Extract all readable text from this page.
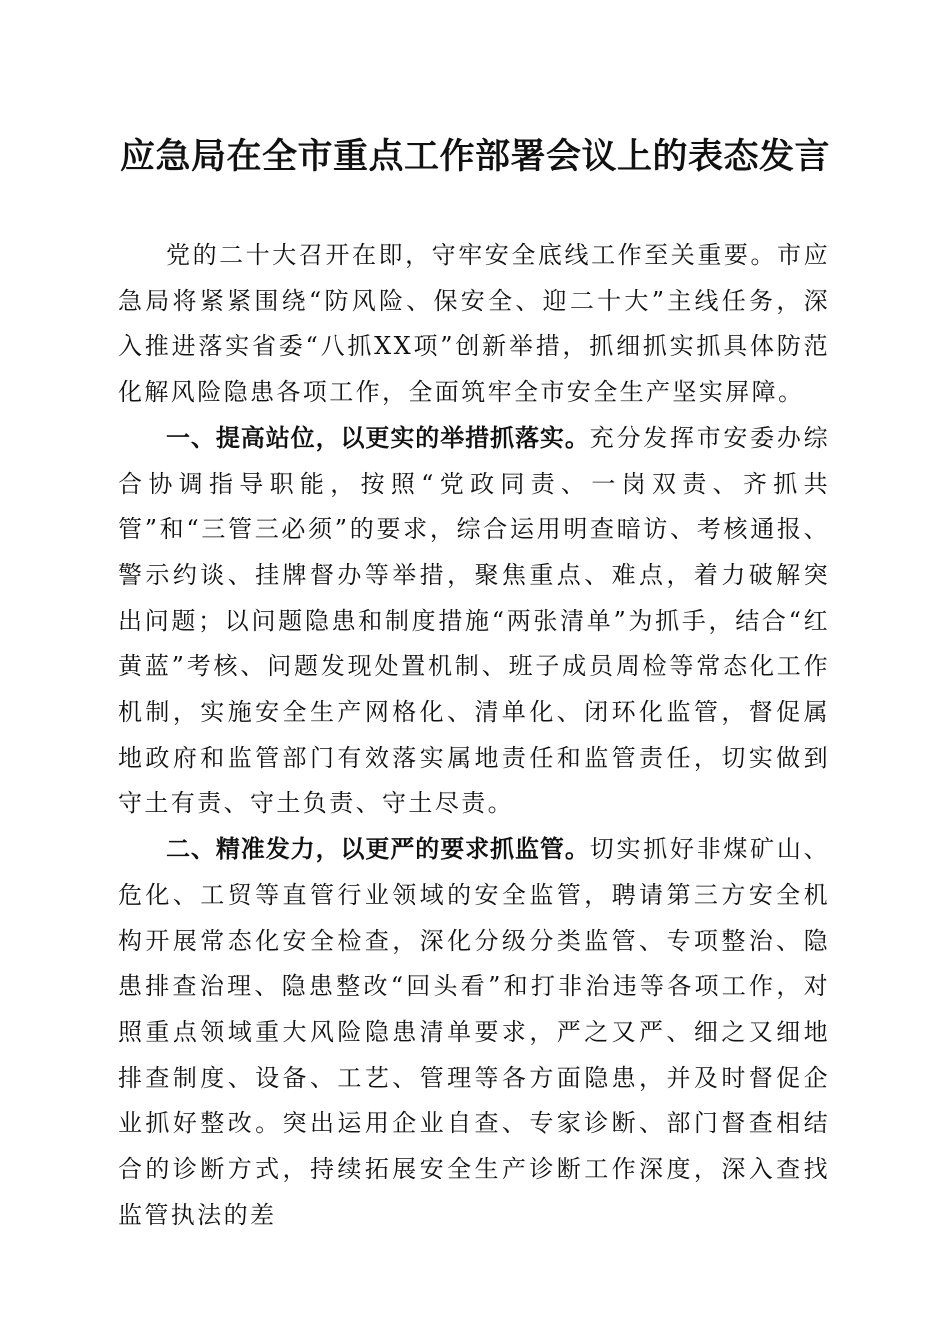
应急局在全市重点工作部署会议上的表态发言

党的二十大召开在即，守牢安全底线工作至关重要。市应急局将紧紧围绕“防风险、保安全、迎二十大”主线任务，深入推进落实省委“八抓XX项”创新举措，抓细抓实抓具体防范化解风险隐患各项工作，全面筑牢全市安全生产坚实屏障。

一、提高站位，以更实的举措抓落实。充分发挥市安委办综合协调指导职能，按照“党政同责、一岗双责、齐抓共管”和“三管三必须”的要求，综合运用明查暗访、考核通报、警示约谈、挂牌督办等举措，聚焦重点、难点，着力破解突出问题；以问题隐患和制度措施“两张清单”为抓手，结合“红黄蓝”考核、问题发现处置机制、班子成员周检等常态化工作机制，实施安全生产网格化、清单化、闭环化监管，督促属地政府和监管部门有效落实属地责任和监管责任，切实做到守土有责、守土负责、守土尽责。

二、精准发力，以更严的要求抓监管。切实抓好非煤矿山、危化、工贸等直管行业领域的安全监管，聘请第三方安全机构开展常态化安全检查，深化分级分类监管、专项整治、隐患排查治理、隐患整改“回头看”和打非治违等各项工作，对照重点领域重大风险隐患清单要求，严之又严、细之又细地排查制度、设备、工艺、管理等各方面隐患，并及时督促企业抓好整改。突出运用企业自查、专家诊断、部门督查相结合的诊断方式，持续拓展安全生产诊断工作深度，深入查找监管执法的差
